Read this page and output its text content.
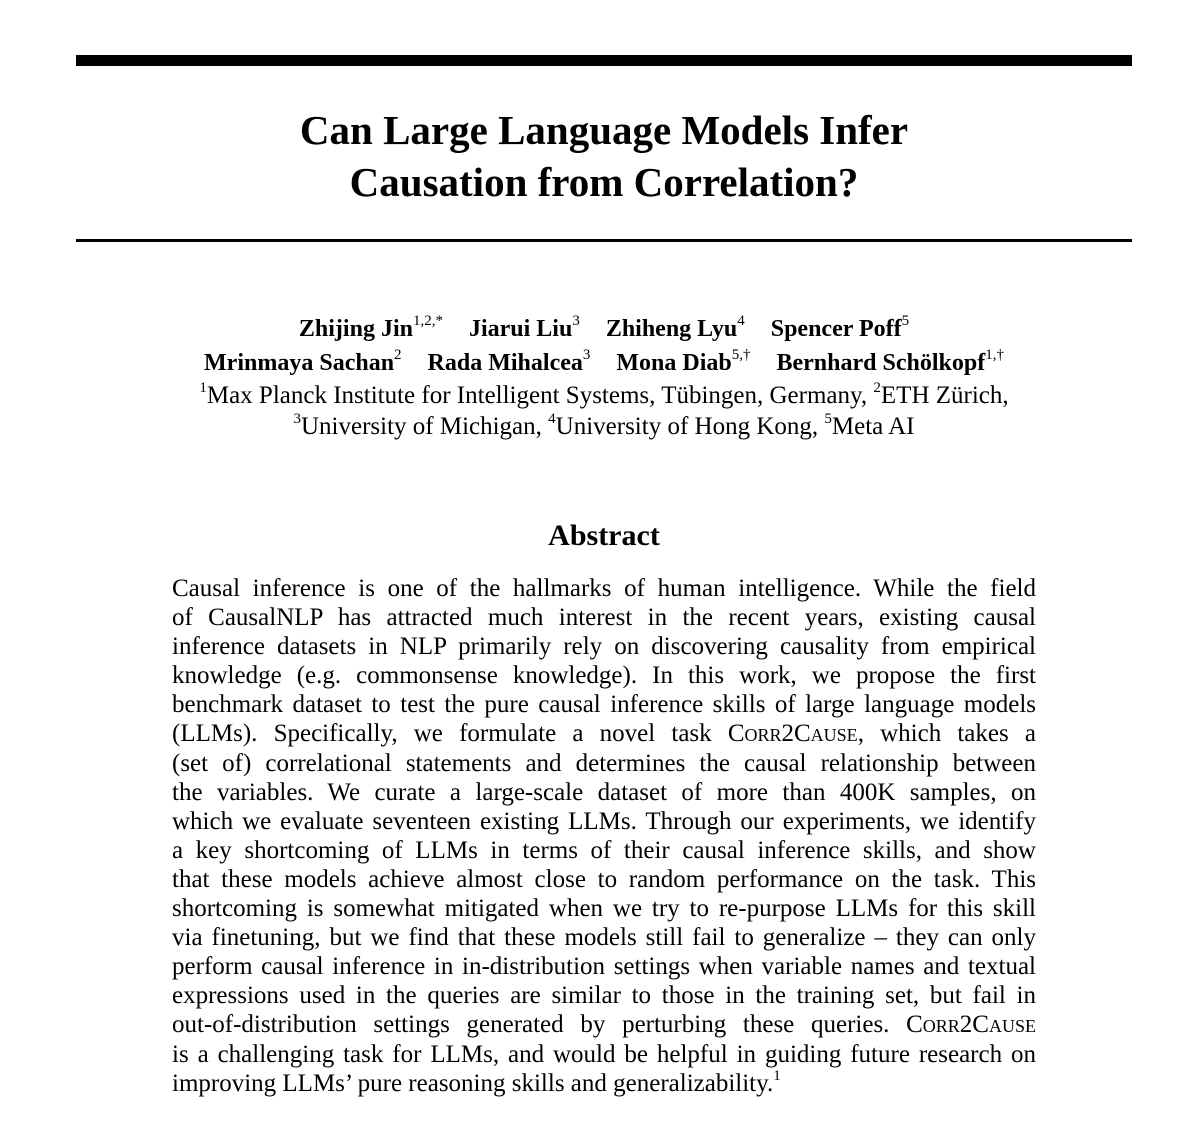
Can Large Language Models Infer
Causation from Correlation?
Zhijing Jin$^{1,2,*}$ Jiarui Liu$^3$ Zhiheng Lyu$^4$ Spencer Poff$^5$
Mrinmaya Sachan$^2$ Rada Mihalcea$^3$ Mona Diab$^{5,\dagger}$ Bernhard Schölkopf$^{1,\dagger}$
$^1$Max Planck Institute for Intelligent Systems, Tübingen, Germany, $^2$ETH Zürich,
$^3$University of Michigan, $^4$University of Hong Kong, $^5$Meta AI
Abstract
Causal inference is one of the hallmarks of human intelligence. While the field
of CausalNLP has attracted much interest in the recent years, existing causal
inference datasets in NLP primarily rely on discovering causality from empirical
knowledge (e.g. commonsense knowledge). In this work, we propose the first
benchmark dataset to test the pure causal inference skills of large language models
(LLMs). Specifically, we formulate a novel task Corr2Cause, which takes a
(set of) correlational statements and determines the causal relationship between
the variables. We curate a large-scale dataset of more than 400K samples, on
which we evaluate seventeen existing LLMs. Through our experiments, we identify
a key shortcoming of LLMs in terms of their causal inference skills, and show
that these models achieve almost close to random performance on the task. This
shortcoming is somewhat mitigated when we try to re-purpose LLMs for this skill
via finetuning, but we find that these models still fail to generalize – they can only
perform causal inference in in-distribution settings when variable names and textual
expressions used in the queries are similar to those in the training set, but fail in
out-of-distribution settings generated by perturbing these queries. Corr2Cause
is a challenging task for LLMs, and would be helpful in guiding future research on
improving LLMs’ pure reasoning skills and generalizability.$^1$
